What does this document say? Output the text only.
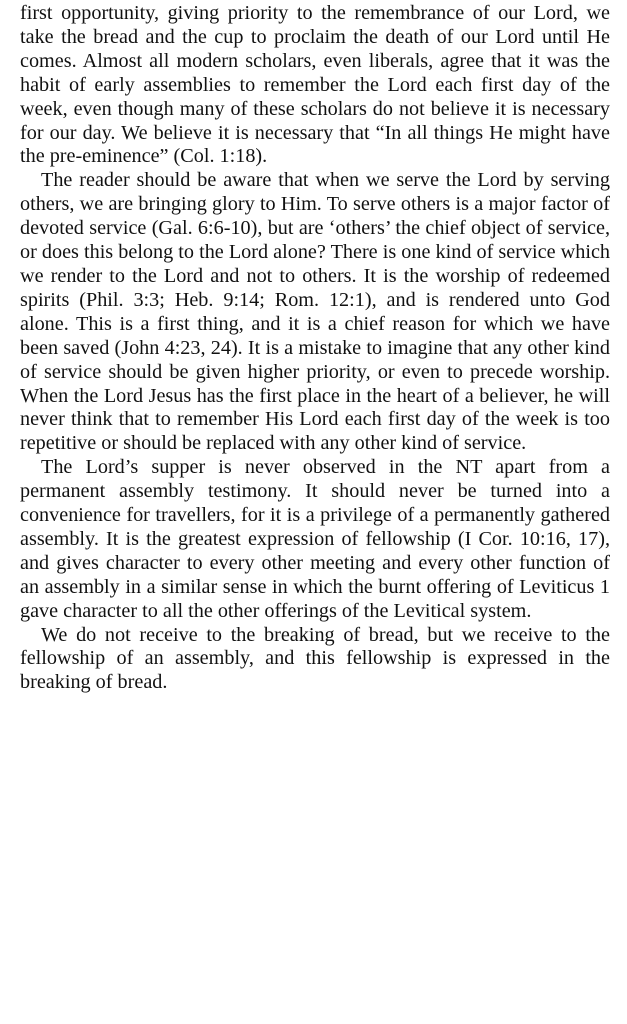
first opportunity, giving priority to the remembrance of our Lord, we take the bread and the cup to proclaim the death of our Lord until He comes. Almost all modern scholars, even liberals, agree that it was the habit of early assemblies to remember the Lord each first day of the week, even though many of these scholars do not believe it is necessary for our day. We believe it is necessary that “In all things He might have the pre-eminence” (Col. 1:18).

The reader should be aware that when we serve the Lord by serving others, we are bringing glory to Him. To serve others is a major factor of devoted service (Gal. 6:6-10), but are ‘others’ the chief object of service, or does this belong to the Lord alone? There is one kind of service which we render to the Lord and not to others. It is the worship of redeemed spirits (Phil. 3:3; Heb. 9:14; Rom. 12:1), and is rendered unto God alone. This is a first thing, and it is a chief reason for which we have been saved (John 4:23, 24). It is a mistake to imagine that any other kind of service should be given higher priority, or even to precede worship. When the Lord Jesus has the first place in the heart of a believer, he will never think that to remember His Lord each first day of the week is too repetitive or should be replaced with any other kind of service.

The Lord’s supper is never observed in the NT apart from a permanent assembly testimony. It should never be turned into a convenience for travellers, for it is a privilege of a permanently gathered assembly. It is the greatest expression of fellowship (I Cor. 10:16, 17), and gives character to every other meeting and every other function of an assembly in a similar sense in which the burnt offering of Leviticus 1 gave character to all the other offerings of the Levitical system.

We do not receive to the breaking of bread, but we receive to the fellowship of an assembly, and this fellowship is expressed in the breaking of bread.
